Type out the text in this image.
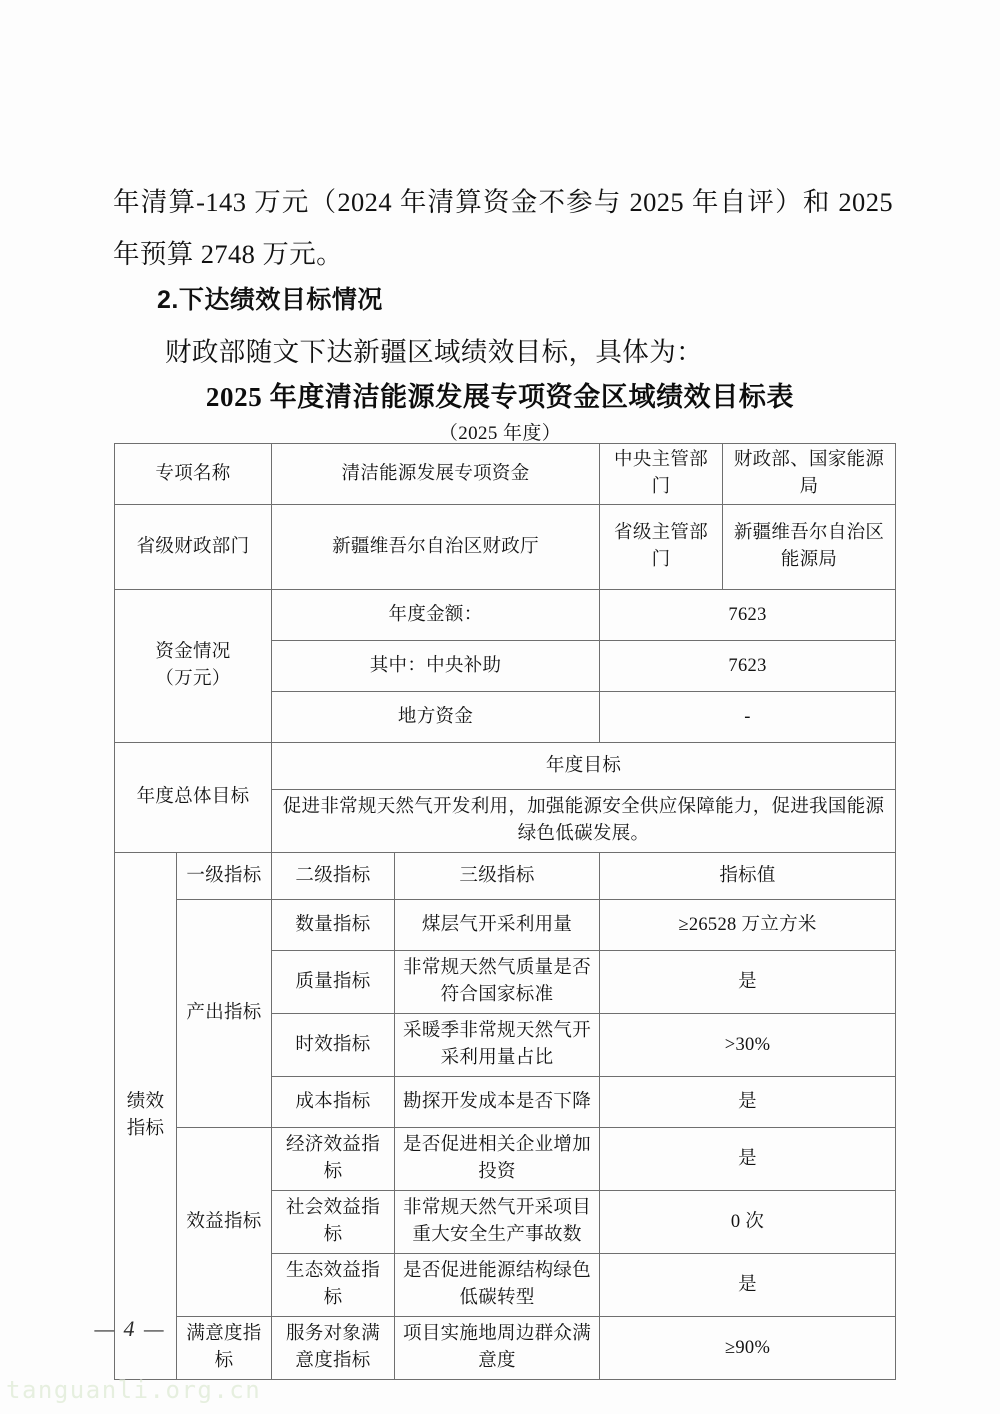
年清算-143 万元（2024 年清算资金不参与 2025 年自评）和 2025 年预算 2748 万元。
2.下达绩效目标情况
财政部随文下达新疆区域绩效目标，具体为：
2025 年度清洁能源发展专项资金区域绩效目标表
（2025 年度）
专项名称		清洁能源发展专项资金		中央主管部门	财政部、国家能源局
省级财政部门		新疆维吾尔自治区财政厅		省级主管部门	新疆维吾尔自治区能源局

资金情况
（万元）		年度金额：		7623	
		其中：中央补助		7623	
		地方资金		-	
年度总体目标		年度目标			
		促进非常规天然气开发利用，加强能源安全供应保障能力，促进我国能源绿色低碳发展。			

绩效
指标	一级指标	二级指标	三级指标	指标值	
	产出指标	数量指标	煤层气开采利用量	≥26528 万立方米	
		质量指标	非常规天然气质量是否符合国家标准	是	
		时效指标	采暖季非常规天然气开采利用量占比	>30%	
		成本指标	勘探开发成本是否下降	是	
	效益指标	经济效益指标	是否促进相关企业增加投资	是	
		社会效益指标	非常规天然气开采项目重大安全生产事故数	0 次	
		生态效益指标	是否促进能源结构绿色低碳转型	是	
	满意度指标	服务对象满意度指标	项目实施地周边群众满意度	≥90%	
— 4 —
tanguanli.org.cn
